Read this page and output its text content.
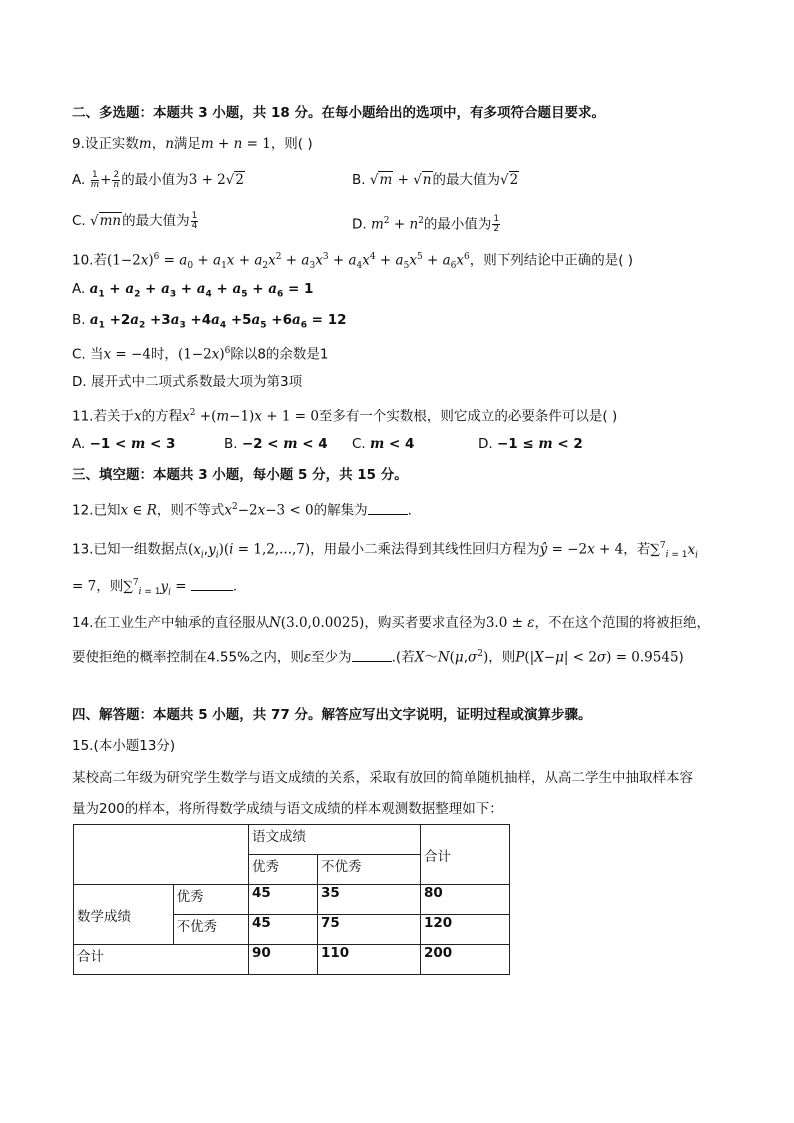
二、多选题：本题共 3 小题，共 18 分。在每小题给出的选项中，有多项符合题目要求。
9.设正实数m，n满足m + n = 1，则( )
A. $\frac{1}{m} + \frac{2}{n}$ 的最小值为3 + 2√2	B. √m + √n的最大值为√2
C. √mn的最大值为 $\frac{1}{4}$	D. $m^2 + n^2$的最小值为 $\frac{1}{2}$
10.若$(1-2x)^6 = a_0 + a_1x + a_2x^2 + a_3x^3 + a_4x^4 + a_5x^5 + a_6x^6$，则下列结论中正确的是( )
A. $a_1 + a_2 + a_3 + a_4 + a_5 + a_6 = 1$
B. $a_1 +2a_2 +3a_3 +4a_4 +5a_5 +6a_6 = 12$
C. 当x = −4时，$(1-2x)^6$除以8的余数是1
D. 展开式中二项式系数最大项为第3项
11.若关于x的方程$x^2 +(m-1)x + 1 = 0$至多有一个实数根，则它成立的必要条件可以是( )
A. −1 < m < 3	B. −2 < m < 4 C. m < 4	D. −1 ≤ m < 2
三、填空题：本题共 3 小题，每小题 5 分，共 15 分。
12.已知x ∈ R，则不等式$x^2-2x-3 < 0$的解集为	.
13.已知一组数据点$(x_i,y_i)(i = 1,2,...,7)$，用最小二乘法得到其线性回归方程为ŷ = −2x + 4，若$\sum^7_{i = 1}x_i$
= 7，则$\sum^7_{i = 1}y_i$ =	.
14.在工业生产中轴承的直径服从N(3.0,0.0025)，购买者要求直径为3.0 ± ε，不在这个范围的将被拒绝，
要使拒绝的概率控制在4.55%之内，则ε至少为	.(若$X\sim N(\mu,\sigma^2)$，则P(|X−μ| < 2σ) = 0.9545)
四、解答题：本题共 5 小题，共 77 分。解答应写出文字说明，证明过程或演算步骤。
15.(本小题13分)
某校高二年级为研究学生数学与语文成绩的关系，采取有放回的简单随机抽样，从高二学生中抽取样本容
量为200的样本，将所得数学成绩与语文成绩的样本观测数据整理如下：
		语文成绩		合计
		优秀	不优秀	
数学成绩	优秀	45	35	80
	不优秀	45	75	120
合计		90	110	200
